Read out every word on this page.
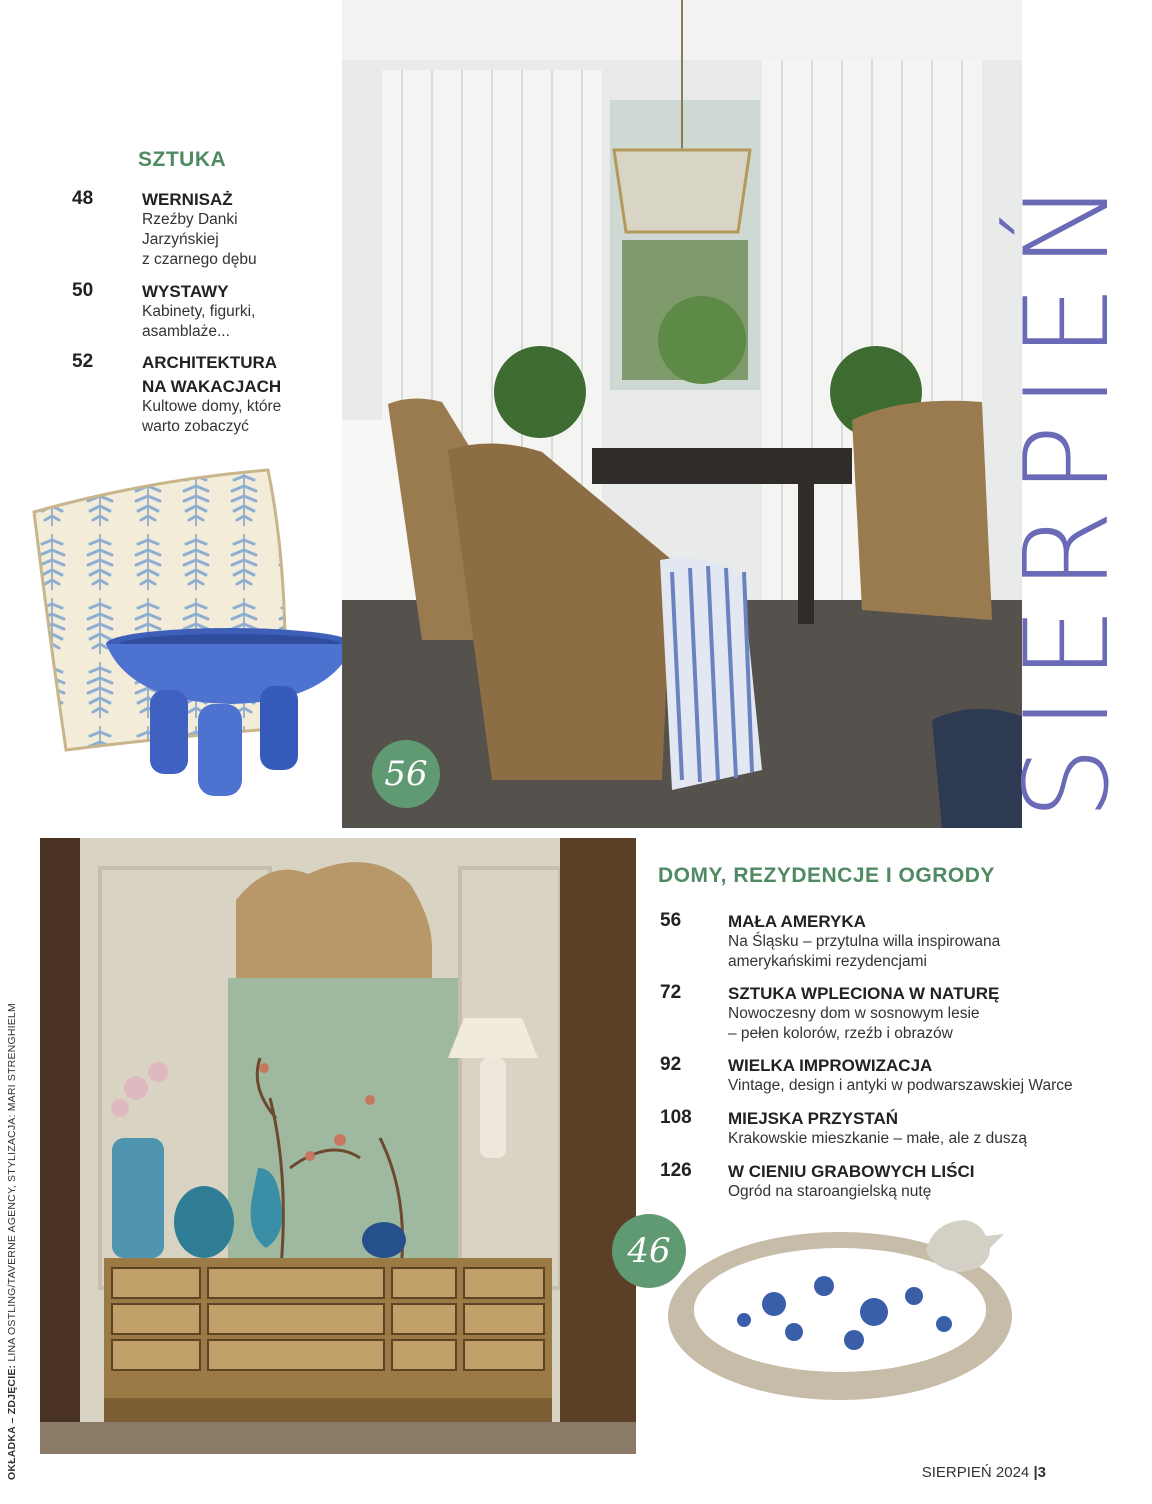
SZTUKA
48	WERNISAŻ
Rzeźby Danki
Jarzyńskiej
z czarnego dębu
50	WYSTAWY
Kabinety, figurki,
asamblaże...
52	ARCHITEKTURA
NA WAKACJACH
Kultowe domy, które
warto zobaczyć
56	SIERPIEŃ
OKŁADKA – ZDJĘCIE: LINA OSTLING/TAVERNE AGENCY, STYLIZACJA: MARI STRENGHIELM
DOMY, REZYDENCJE I OGRODY
56	MAŁA AMERYKA
Na Śląsku – przytulna willa inspirowana
amerykańskimi rezydencjami
72	SZTUKA WPLECIONA W NATURĘ
Nowoczesny dom w sosnowym lesie
– pełen kolorów, rzeźb i obrazów
92	WIELKA IMPROWIZACJA
Vintage, design i antyki w podwarszawskiej Warce
108 MIEJSKA PRZYSTAŃ
Krakowskie mieszkanie – małe, ale z duszą
126 W CIENIU GRABOWYCH LIŚCI
Ogród na staroangielską nutę
46
SIERPIEŃ 2024 |3
